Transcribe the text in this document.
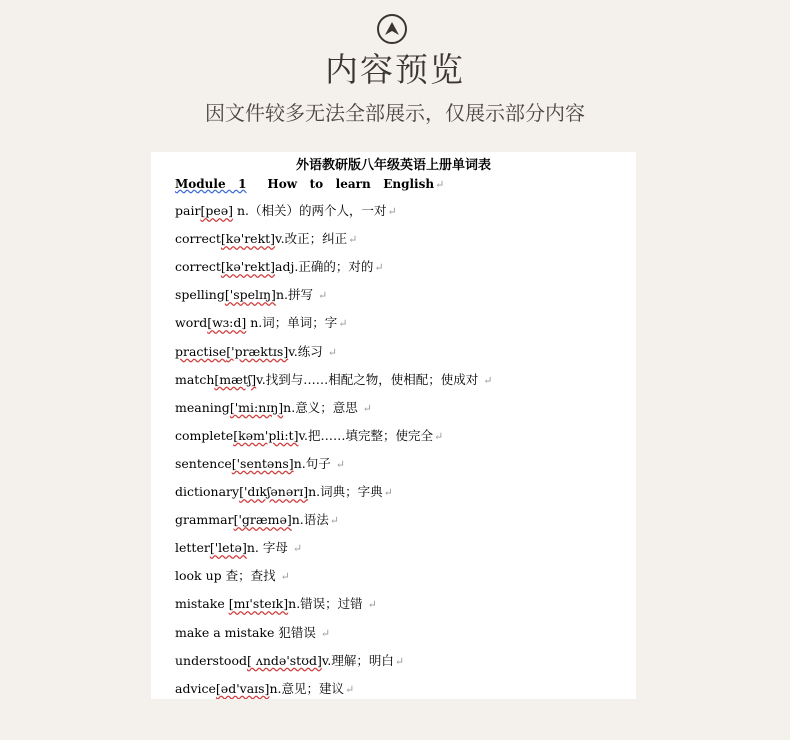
内容预览
因文件较多无法全部展示，仅展示部分内容
外语教研版八年级英语上册单词表
Module   1 How   to   learn   English↵
pair[peə] n.（相关）的两个人，一对↵
correct[kə'rekt]v.改正；纠正↵
correct[kə'rekt]adj.正确的；对的↵
spelling['spelɪŋ]n.拼写 ↵
word[wɜ:d] n.词；单词；字↵
practise['præktɪs]v.练习 ↵
match[mætʃ]v.找到与……相配之物，使相配；使成对 ↵
meaning['mi:nɪŋ]n.意义；意思 ↵
complete[kəm'pli:t]v.把……填完整；使完全↵
sentence['sentəns]n.句子 ↵
dictionary['dɪkʃənərɪ]n.词典；字典↵
grammar['græmə]n.语法↵
letter['letə]n. 字母 ↵
look up 查；查找 ↵
mistake [mɪ'steɪk]n.错误；过错 ↵
make a mistake 犯错误 ↵
understood[ ʌndə'stʊd]v.理解；明白↵
advice[əd'vaɪs]n.意见；建议↵
